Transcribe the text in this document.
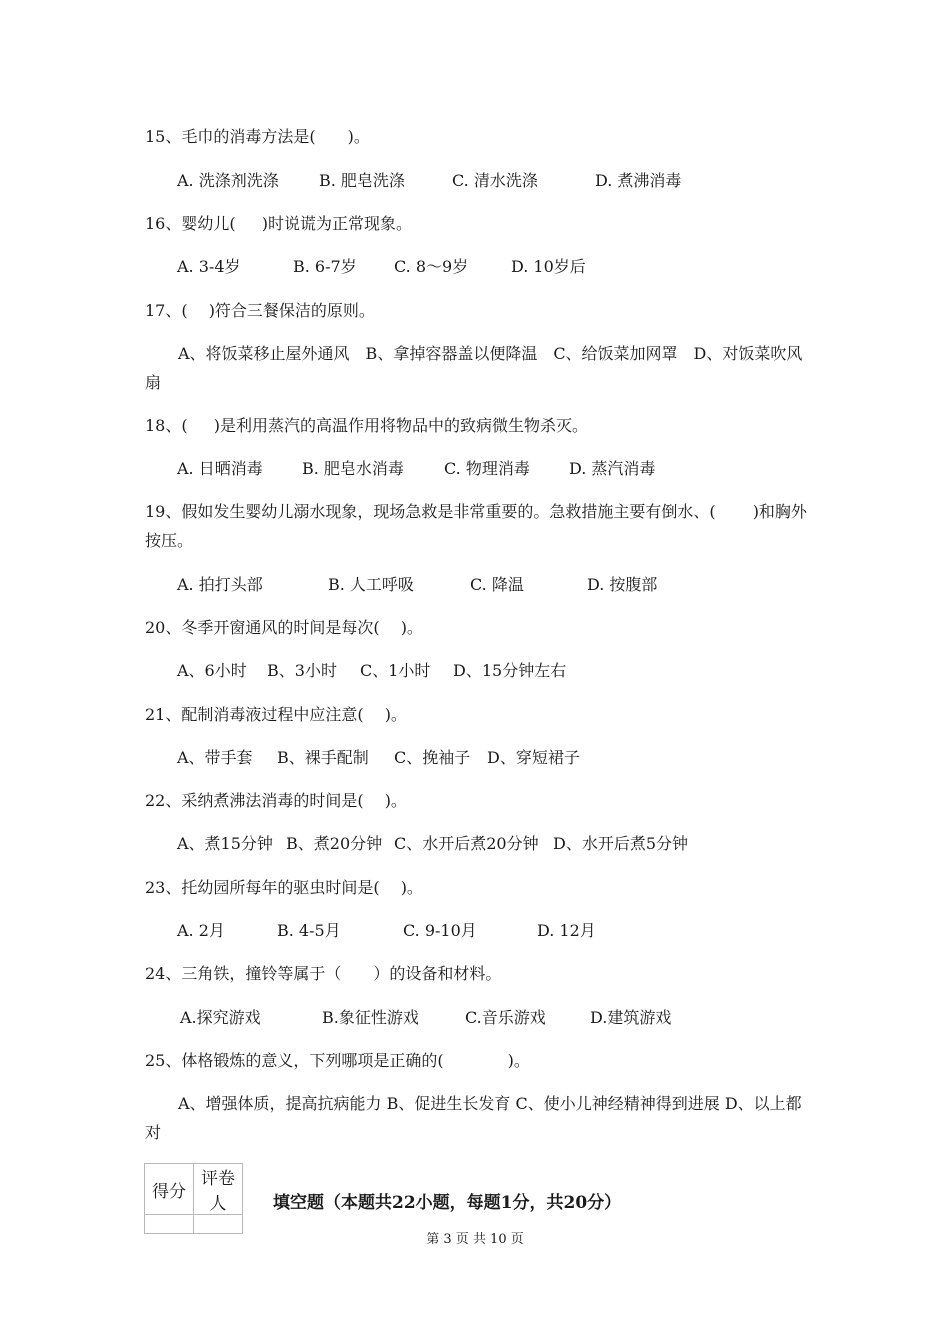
15、毛巾的消毒方法是(　　)。
A. 洗涤剂洗涤	B. 肥皂洗涤	C. 清水洗涤	D. 煮沸消毒
16、婴幼儿(　  )时说谎为正常现象。
A. 3-4岁	B. 6-7岁 C. 8～9岁	D. 10岁后
17、(　 )符合三餐保洁的原则。
A、将饭菜移止屋外通风　B、拿掉容器盖以便降温　C、给饭菜加网罩　D、对饭菜吹风扇
18、(　  )是利用蒸汽的高温作用将物品中的致病微生物杀灭。
A. 日晒消毒 B. 肥皂水消毒	C. 物理消毒 D. 蒸汽消毒
19、假如发生婴幼儿溺水现象，现场急救是非常重要的。急救措施主要有倒水、(　　 )和胸外按压。
A. 拍打头部	B. 人工呼吸	C. 降温	D. 按腹部
20、冬季开窗通风的时间是每次(　 )。
A、6小时 B、3小时 C、1小时 D、15分钟左右
21、配制消毒液过程中应注意(　 )。
A、带手套 B、裸手配制 C、挽袖子 D、穿短裙子
22、采纳煮沸法消毒的时间是(　 )。
A、煮15分钟 B、煮20分钟 C、水开后煮20分钟 D、水开后煮5分钟
23、托幼园所每年的驱虫时间是(　 )。
A. 2月	B. 4-5月	C. 9-10月	D. 12月
24、三角铁，撞铃等属于（　　）的设备和材料。
A.探究游戏	B.象征性游戏	C.音乐游戏	D.建筑游戏
25、体格锻炼的意义，下列哪项是正确的(　　　　)。
A、增强体质，提高抗病能力 B、促进生长发育 C、使小儿神经精神得到进展 D、以上都对
得分	评卷人
		填空题（本题共22小题，每题1分，共20分）
第 3 页 共 10 页
